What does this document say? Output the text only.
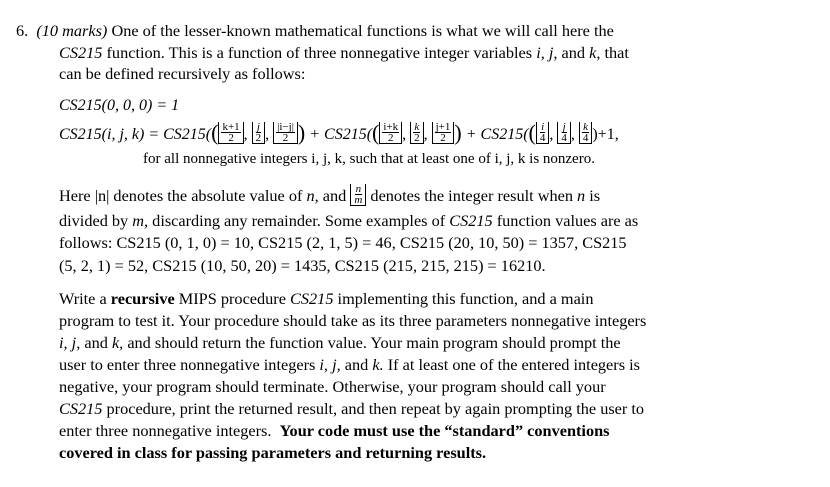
6. (10 marks) One of the lesser-known mathematical functions is what we will call here the
CS215 function. This is a function of three nonnegative integer variables i, j, and k, that
can be defined recursively as follows:
CS215(0, 0, 0) = 1
CS215(i, j, $k) = CS215(( \frac{k+1}{2}$ , $\frac{j}{2}$ , $\frac{|i-j|}{2}$ ) + $CS215(( \frac{i+k}{2}$ , $\frac{k}{2}$ , $\frac{j+1}{2}$ ) + $CS215(( \frac{i}{4}$ , $\frac{j}{4}$ , $\frac{k}{4} )+1$,
for all nonnegative integers i, j, k, such that at least one of i, j, k is nonzero.
Here |n| denotes the absolute value of n, and $\frac{n}{m}$ denotes the integer result when n is
divided by m, discarding any remainder. Some examples of CS215 function values are as
follows: CS215 (0, 1, 0) = 10, CS215 (2, 1, 5) = 46, CS215 (20, 10, 50) = 1357, CS215
(5, 2, 1) = 52, CS215 (10, 50, 20) = 1435, CS215 (215, 215, 215) = 16210.
Write a recursive MIPS procedure CS215 implementing this function, and a main
program to test it. Your procedure should take as its three parameters nonnegative integers
i, j, and k, and should return the function value. Your main program should prompt the
user to enter three nonnegative integers i, j, and k. If at least one of the entered integers is
negative, your program should terminate. Otherwise, your program should call your
CS215 procedure, print the returned result, and then repeat by again prompting the user to
enter three nonnegative integers. Your code must use the “standard” conventions
covered in class for passing parameters and returning results.
